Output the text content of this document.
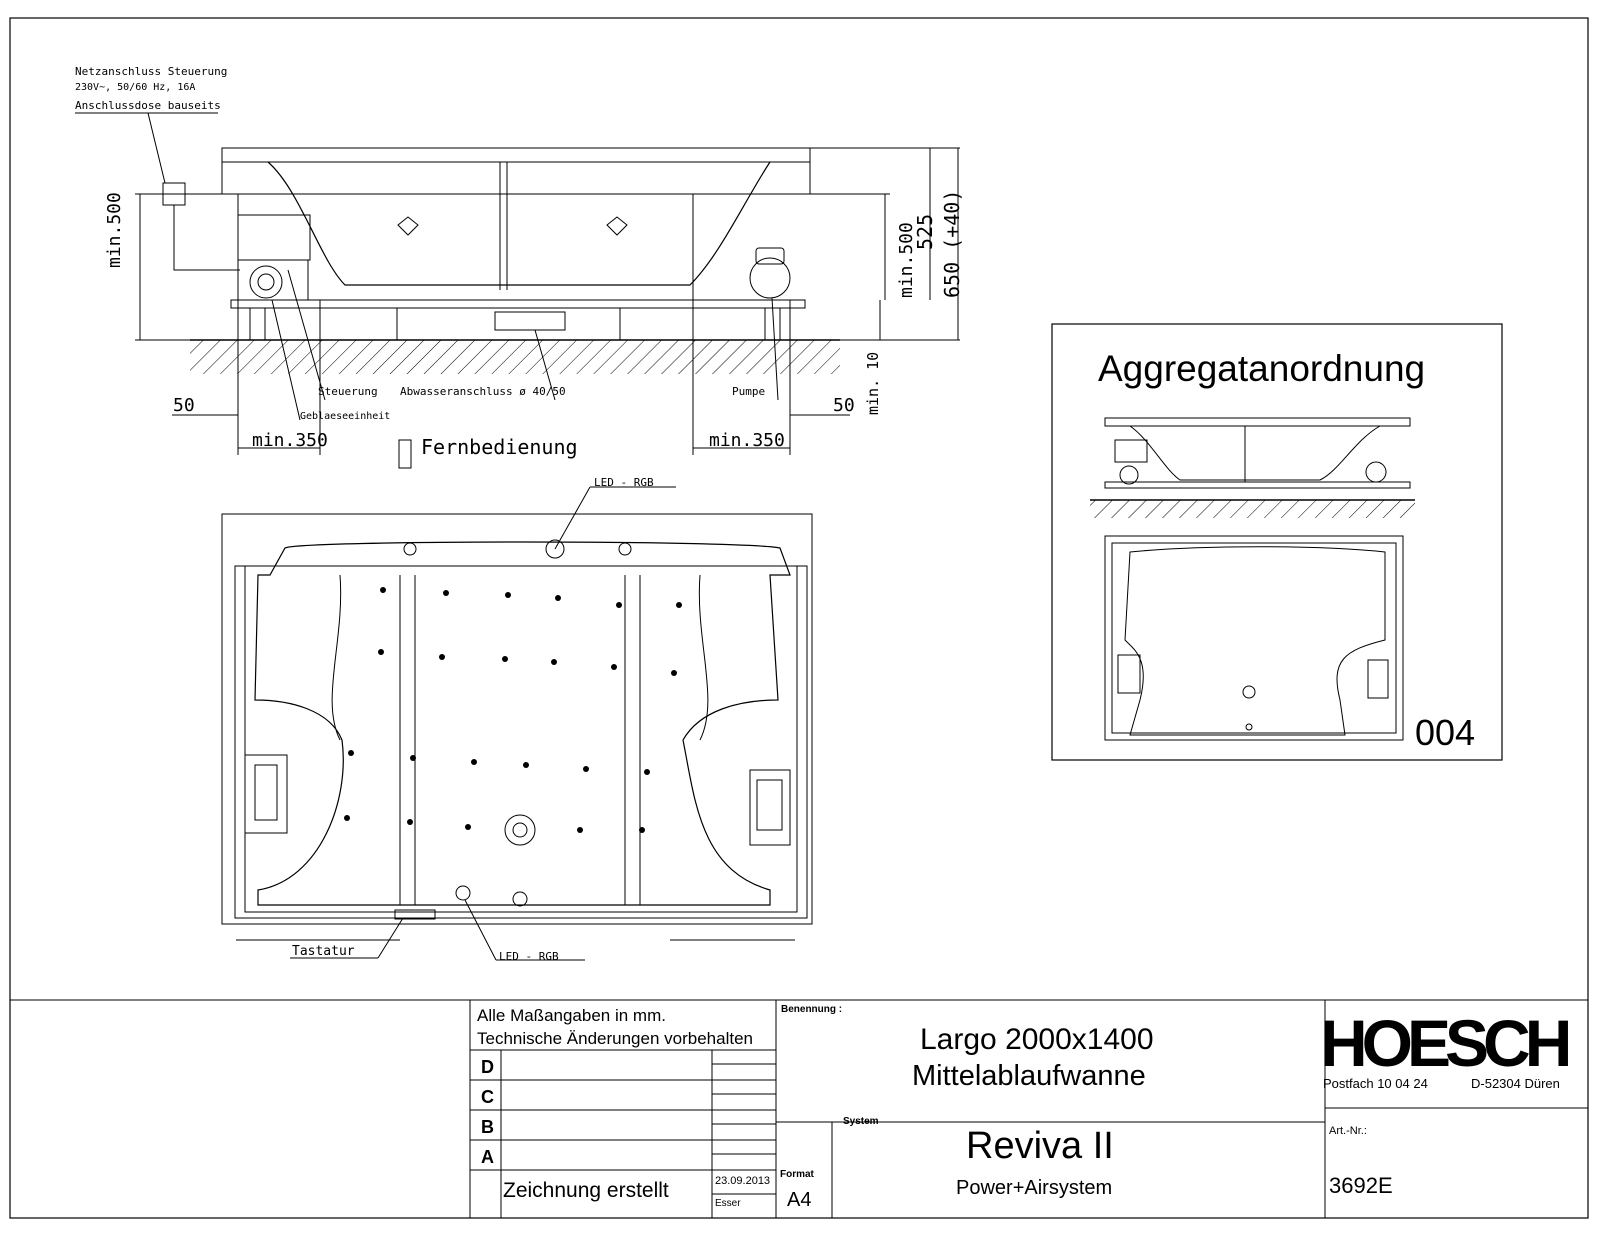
Netzanschluss Steuerung
230V~, 50/60 Hz, 16A
Anschlussdose bauseits
min.500	min.500
525 650 (+40)
min. 10
Steuerung
Geblaeseeinheit
Abwasseranschluss ø 40/50	Pumpe
50	50
min.350	min.350
Fernbedienung
LED - RGB
LED - RGB
Tastatur
Aggregatanordnung
004
Alle Maßangaben in mm.
Technische Änderungen vorbehalten
D
C
B
A
Zeichnung erstellt	23.09.2013
Esser
Format
A4
Benennung :
Largo 2000x1400
Mittelablaufwanne
System
Reviva II
Power+Airsystem
HOESCH
Postfach 10 04 24	D-52304 Düren
Art.-Nr.:
3692E
